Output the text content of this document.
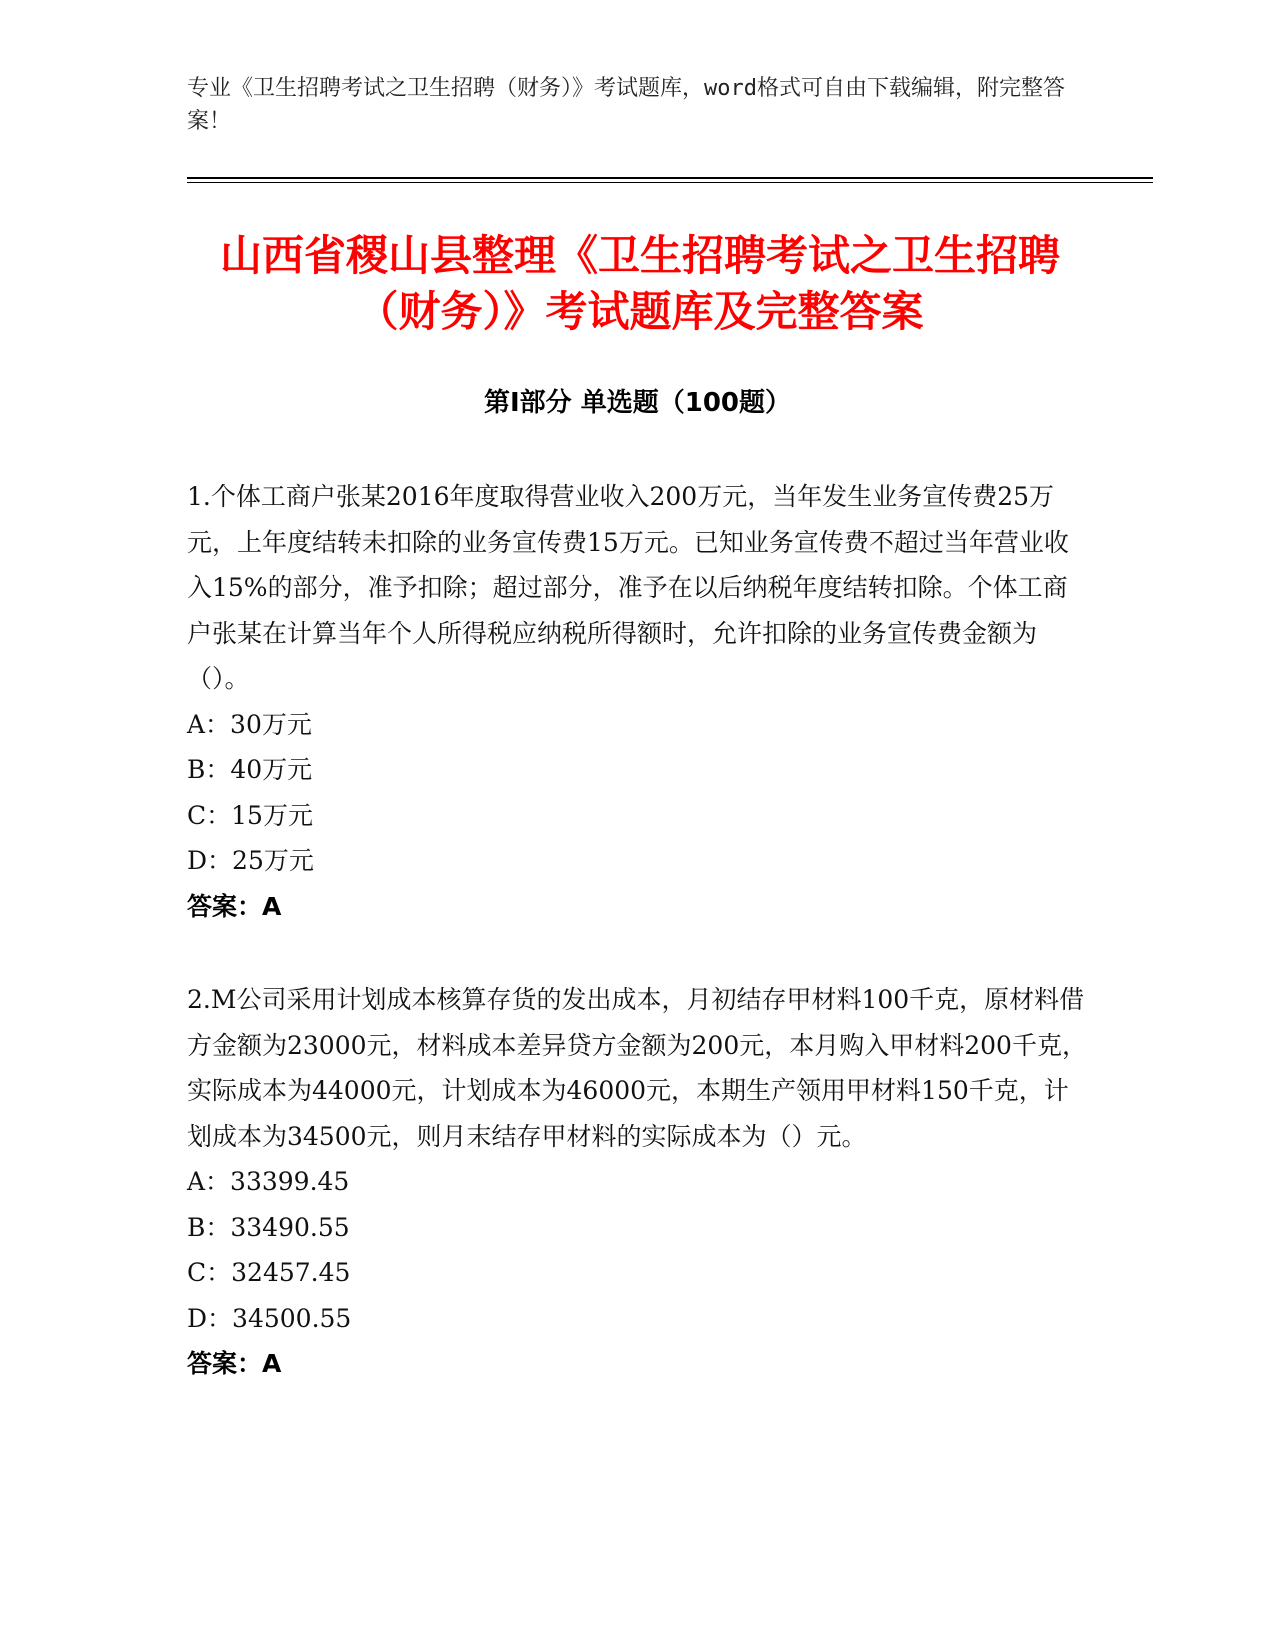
专业《卫生招聘考试之卫生招聘（财务）》考试题库，word格式可自由下载编辑，附完整答案！
山西省稷山县整理《卫生招聘考试之卫生招聘（财务）》考试题库及完整答案
第Ⅰ部分 单选题（100题）

1.个体工商户张某2016年度取得营业收入200万元，当年发生业务宣传费25万元，上年度结转未扣除的业务宣传费15万元。已知业务宣传费不超过当年营业收入15%的部分，准予扣除；超过部分，准予在以后纳税年度结转扣除。个体工商户张某在计算当年个人所得税应纳税所得额时，允许扣除的业务宣传费金额为（）。

A：30万元

B：40万元

C：15万元

D：25万元

答案：A

2.M公司采用计划成本核算存货的发出成本，月初结存甲材料100千克，原材料借方金额为23000元，材料成本差异贷方金额为200元，本月购入甲材料200千克，实际成本为44000元，计划成本为46000元，本期生产领用甲材料150千克，计划成本为34500元，则月末结存甲材料的实际成本为（）元。

A：33399.45

B：33490.55

C：32457.45

D：34500.55

答案：A
